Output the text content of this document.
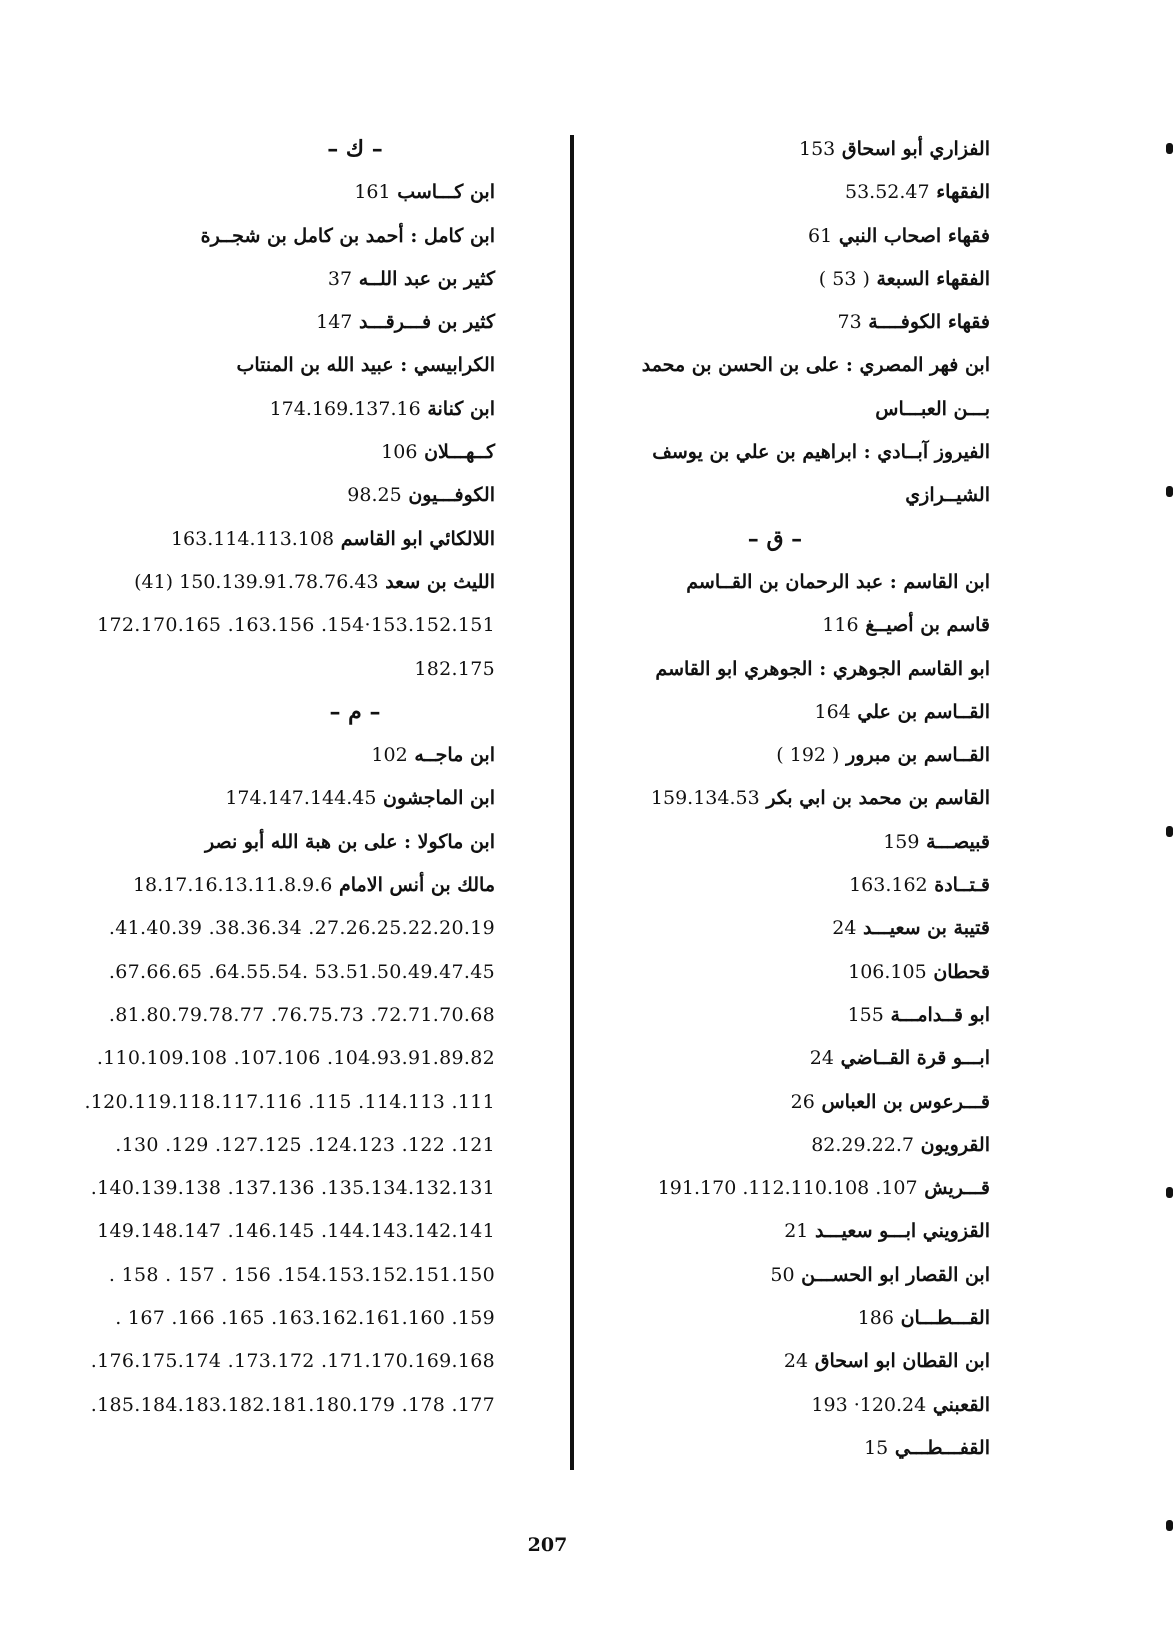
الفزاري أبو اسحاق 153
الفقهاء 53.52.47
فقهاء اصحاب النبي 61
الفقهاء السبعة ( 53 )
فقهاء الكوفــــة 73
ابن فهر المصري : على بن الحسن بن محمد
بـــن العبـــاس
الفيروز آبــادي : ابراهيم بن علي بن يوسف
الشيــرازي
– ق –
ابن القاسم : عبد الرحمان بن القــاسم
قاسم بن أصيــغ 116
ابو القاسم الجوهري : الجوهري ابو القاسم
القــاسم بن علي 164
القــاسم بن مبرور ( 192 )
القاسم بن محمد بن ابي بكر 159.134.53
قبيصـــة 159
قـتــادة 163.162
قتيبة بن سعيـــد 24
قحطان 106.105
ابو قــدامـــة 155
ابـــو قرة القــاضي 24
قـــرعوس بن العباس 26
القرويون 82.29.22.7
قـــريش 191.170 .112.110.108 .107
القزويني ابـــو سعيـــد 21
ابن القصار ابو الحســـن 50
القـــطـــان 186
ابن القطان ابو اسحاق 24
القعبني 193 ·120.24
القفـــطـــي 15
– ك –
ابن كـــاسب 161
ابن كامل : أحمد بن كامل بن شجــرة
كثير بن عبد اللــه 37
كثير بن فـــرقـــد 147
الكرابيسي : عبيد الله بن المنتاب
ابن كنانة 174.169.137.16
كــهـــلان 106
الكوفـــيون 98.25
اللالكائي ابو القاسم 163.114.113.108
الليث بن سعد (41) 150.139.91.78.76.43
172.170.165 .163.156 .154·153.152.151
182.175
– م –
ابن ماجــه 102
ابن الماجشون 174.147.144.45
ابن ماكولا : على بن هبة الله أبو نصر
مالك بن أنس الامام 18.17.16.13.11.8.9.6
.41.40.39 .38.36.34 .27.26.25.22.20.19
.67.66.65 .64.55.54. 53.51.50.49.47.45
.81.80.79.78.77 .76.75.73 .72.71.70.68
.110.109.108 .107.106 .104.93.91.89.82
.120.119.118.117.116 .115 .114.113 .111
.130 .129 .127.125 .124.123 .122 .121
.140.139.138 .137.136 .135.134.132.131
149.148.147 .146.145 .144.143.142.141
. 158 . 157 . 156 .154.153.152.151.150
. 167 .166 .165 .163.162.161.160 .159
.176.175.174 .173.172 .171.170.169.168
.185.184.183.182.181.180.179 .178 .177
207
